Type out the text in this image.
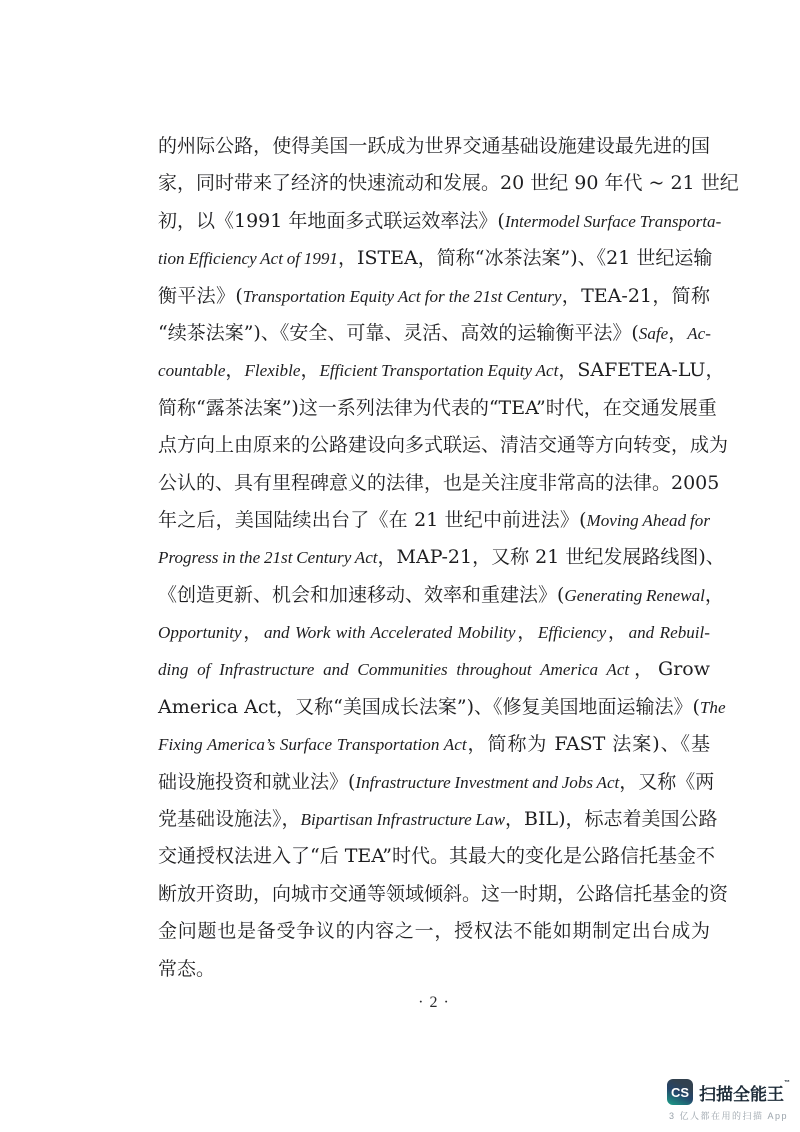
的州际公路，使得美国一跃成为世界交通基础设施建设最先进的国
家，同时带来了经济的快速流动和发展。20 世纪 90 年代 ~ 21 世纪
初，以《1991 年地面多式联运效率法》(Intermodel Surface Transporta-
tion Efficiency Act of 1991，ISTEA，简称“冰茶法案”)、《21 世纪运输
衡平法》(Transportation Equity Act for the 21st Century，TEA-21，简称
“续茶法案”)、《安全、可靠、灵活、高效的运输衡平法》(Safe，Ac-
countable，Flexible，Efficient Transportation Equity Act，SAFETEA-LU，
简称“露茶法案”)这一系列法律为代表的“TEA”时代，在交通发展重
点方向上由原来的公路建设向多式联运、清洁交通等方向转变，成为
公认的、具有里程碑意义的法律，也是关注度非常高的法律。2005
年之后，美国陆续出台了《在 21 世纪中前进法》(Moving Ahead for
Progress in the 21st Century Act，MAP-21，又称 21 世纪发展路线图)、
《创造更新、机会和加速移动、效率和重建法》(Generating Renewal，
Opportunity，and Work with Accelerated Mobility，Efficiency，and Rebuil-
ding of Infrastructure and Communities throughout America Act，Grow
America Act，又称“美国成长法案”)、《修复美国地面运输法》(The
Fixing America’s Surface Transportation Act，简称为 FAST 法案)、《基
础设施投资和就业法》(Infrastructure Investment and Jobs Act，又称《两
党基础设施法》，Bipartisan Infrastructure Law，BIL)，标志着美国公路
交通授权法进入了“后 TEA”时代。其最大的变化是公路信托基金不
断放开资助，向城市交通等领域倾斜。这一时期，公路信托基金的资
金问题也是备受争议的内容之一，授权法不能如期制定出台成为
常态。
· 2 ·
CS 扫描全能王™
3 亿人都在用的扫描 App
